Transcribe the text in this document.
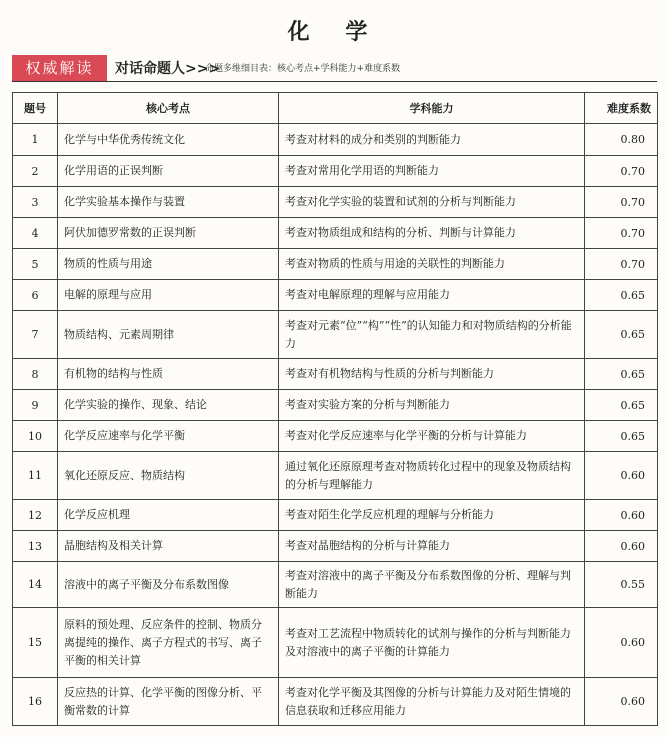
化 学
权威解读	对话命题人>>>
命题多维细目表：核心考点+学科能力+难度系数
题号	核心考点	学科能力	难度系数
1	化学与中华优秀传统文化	考查对材料的成分和类别的判断能力	0.80
2	化学用语的正误判断	考查对常用化学用语的判断能力	0.70
3	化学实验基本操作与装置	考查对化学实验的装置和试剂的分析与判断能力	0.70
4	阿伏加德罗常数的正误判断	考查对物质组成和结构的分析、判断与计算能力	0.70
5	物质的性质与用途	考查对物质的性质与用途的关联性的判断能力	0.70
6	电解的原理与应用	考查对电解原理的理解与应用能力	0.65
7	物质结构、元素周期律	考查对元素“位”“构”“性”的认知能力和对物质结构的分析能力	0.65
8	有机物的结构与性质	考查对有机物结构与性质的分析与判断能力	0.65
9	化学实验的操作、现象、结论	考查对实验方案的分析与判断能力	0.65
10	化学反应速率与化学平衡	考查对化学反应速率与化学平衡的分析与计算能力	0.65
11	氧化还原反应、物质结构	通过氧化还原原理考查对物质转化过程中的现象及物质结构的分析与理解能力	0.60
12	化学反应机理	考查对陌生化学反应机理的理解与分析能力	0.60
13	晶胞结构及相关计算	考查对晶胞结构的分析与计算能力	0.60
14	溶液中的离子平衡及分布系数图像	考查对溶液中的离子平衡及分布系数图像的分析、理解与判断能力	0.55
15	原料的预处理、反应条件的控制、物质分离提纯的操作、离子方程式的书写、离子平衡的相关计算	考查对工艺流程中物质转化的试剂与操作的分析与判断能力及对溶液中的离子平衡的计算能力	0.60
16	反应热的计算、化学平衡的图像分析、平衡常数的计算	考查对化学平衡及其图像的分析与计算能力及对陌生情境的信息获取和迁移应用能力	0.60
